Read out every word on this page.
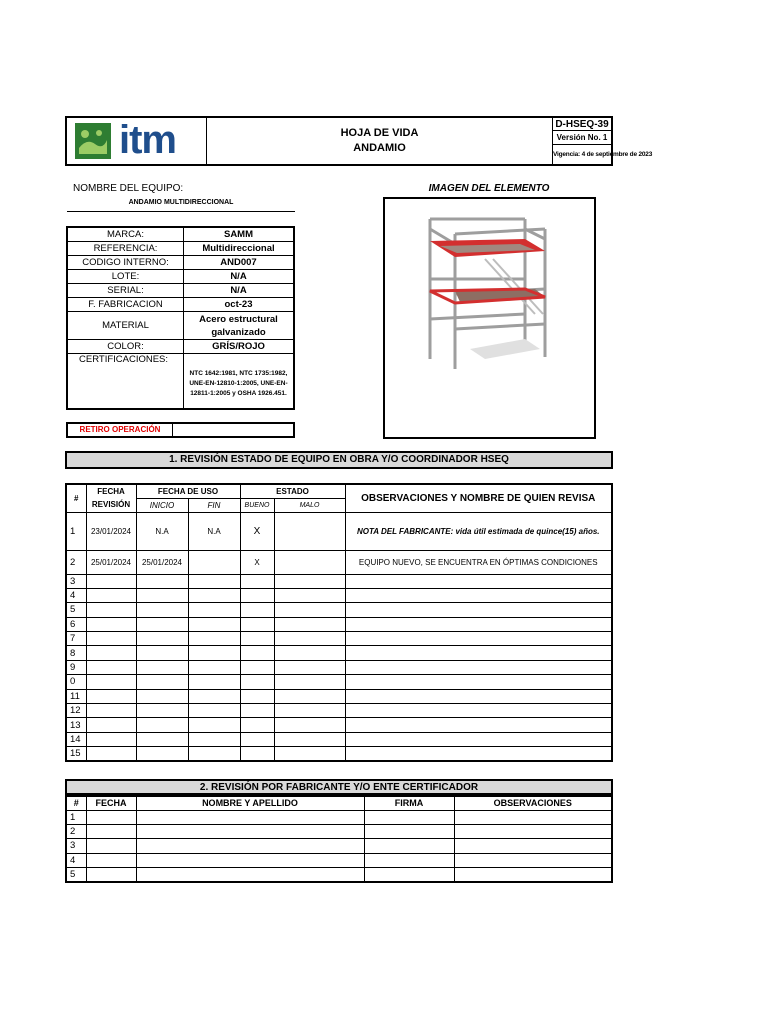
itm	HOJA DE VIDA
ANDAMIO
D-HSEQ-39
Versión No. 1
Vigencia: 4 de septiembre de 2023
NOMBRE DEL EQUIPO:
ANDAMIO MULTIDIRECCIONAL
IMAGEN DEL ELEMENTO
MARCA:	SAMM
REFERENCIA:	Multidireccional
CODIGO INTERNO:	AND007
LOTE:	N/A
SERIAL:	N/A
F. FABRICACION	oct-23
MATERIAL	Acero estructural galvanizado
COLOR:	GRÍS/ROJO
CERTIFICACIONES:	NTC 1642:1981, NTC 1735:1982, UNE-EN-12810-1:2005, UNE-EN-12811-1:2005 y OSHA 1926.451.
RETIRO OPERACIÓN
1. REVISIÓN ESTADO DE EQUIPO EN OBRA Y/O COORDINADOR HSEQ
#	FECHA REVISIÓN	FECHA DE USO		ESTADO		OBSERVACIONES Y NOMBRE DE QUIEN REVISA
		INICIO	FIN	BUENO	MALO	
1	23/01/2024	N.A	N.A	X		NOTA DEL FABRICANTE: vida útil estimada de quince(15) años.
2	25/01/2024	25/01/2024		X		EQUIPO NUEVO, SE ENCUENTRA EN ÓPTIMAS CONDICIONES
3						
4						
5						
6						
7						
8						
9						
0						
11						
12						
13						
14						
15						
2. REVISIÓN POR FABRICANTE Y/O ENTE CERTIFICADOR
#	FECHA	NOMBRE Y APELLIDO	FIRMA	OBSERVACIONES
1				
2				
3				
4				
5				
